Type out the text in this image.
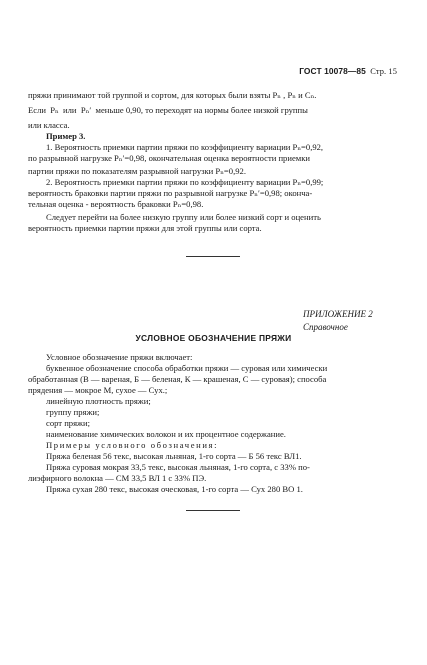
ГОСТ 10078—85 Стр. 15
пряжи принимают той группой и сортом, для которых были взяты Рₙ , Рₙ и Сₙ.
Если  Рₙ  или  Рₙʹ  меньше 0,90, то переходят на нормы более низкой группы
или класса.
Пример 3.
1. Вероятность приемки партии пряжи по коэффициенту вариации Рₙ=0,92,
по разрывной нагрузке Рₙʹ=0,98, окончательная оценка вероятности приемки
партии пряжи по показателям разрывной нагрузки Рₙ=0,92.
2. Вероятность приемки партии пряжи по коэффициенту вариации Рₙ=0,99;
вероятность браковки партии пряжи по разрывной нагрузке Рₙʹ=0,98; оконча-
тельная оценка - вероятность браковки Рₙ=0,98.
Следует перейти на более низкую группу или более низкий сорт и оценить
вероятность приемки партии пряжи для этой группы или сорта.
ПРИЛОЖЕНИЕ 2
Справочное
УСЛОВНОЕ ОБОЗНАЧЕНИЕ ПРЯЖИ
Условное обозначение пряжи включает:
буквенное обозначение способа обработки пряжи — суровая или химически
обработанная (В — вареная, Б — беленая, К — крашеная, С — суровая); способа
прядения — мокрое М, сухое — Сух.;
линейную плотность пряжи;
группу пряжи;
сорт пряжи;
наименование химических волокон и их процентное содержание.
Примеры условного обозначения:
Пряжа беленая 56 текс, высокая льняная, 1-го сорта — Б 56 текс ВЛ1.
Пряжа суровая мокрая 33,5 текс, высокая льняная, 1-го сорта, с 33% по-
лиэфирного волокна — СМ 33,5 ВЛ 1 с 33% ПЭ.
Пряжа сухая 280 текс, высокая оческовая, 1-го сорта — Сух 280 ВО 1.
